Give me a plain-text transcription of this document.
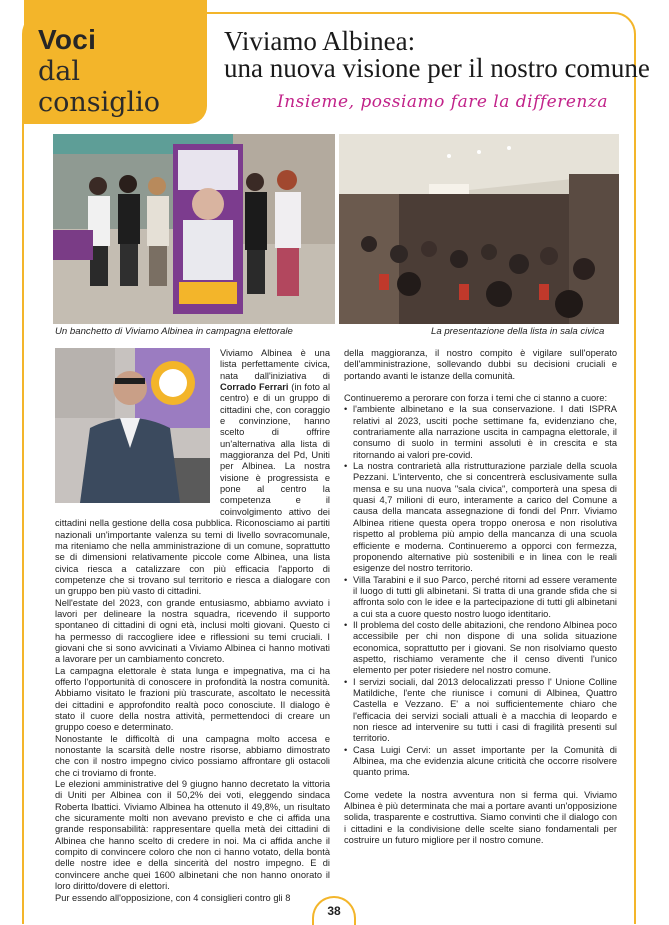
Voci
dal consiglio
Viviamo Albinea:
una nuova visione per il nostro comune
Insieme, possiamo fare la differenza
Un banchetto di Viviamo Albinea in campagna elettorale	La presentazione della lista in sala civica

Viviamo Albinea è una lista perfettamente civica, nata dall'iniziativa di Corrado Ferrari (in foto al centro) e di un gruppo di cittadini che, con coraggio e convinzione, hanno scelto di offrire un'alternativa alla lista di maggioranza del Pd, Uniti per Albinea. La nostra visione è progressista e pone al centro la competenza e il coinvolgimento attivo dei cittadini nella gestione della cosa pubblica. Riconosciamo ai partiti nazionali un'importante valenza su temi di livello sovracomunale, ma riteniamo che nella amministrazione di un comune, soprattutto se di dimensioni relativamente piccole come Albinea, una lista civica riesca a catalizzare con più efficacia l'apporto di competenze che si trovano sul territorio e riesca a dialogare con un gruppo ben più vasto di cittadini.

Nell'estate del 2023, con grande entusiasmo, abbiamo avviato i lavori per delineare la nostra squadra, ricevendo il supporto spontaneo di cittadini di ogni età, inclusi molti giovani. Questo ci ha permesso di raccogliere idee e riflessioni su temi cruciali. I giovani che si sono avvicinati a Viviamo Albinea ci hanno motivati a lavorare per un cambiamento concreto.

La campagna elettorale è stata lunga e impegnativa, ma ci ha offerto l'opportunità di conoscere in profondità la nostra comunità. Abbiamo visitato le frazioni più trascurate, ascoltato le necessità dei cittadini e approfondito realtà poco conosciute. Il dialogo è stato il cuore della nostra attività, permettendoci di creare un gruppo coeso e determinato.

Nonostante le difficoltà di una campagna molto accesa e nonostante la scarsità delle nostre risorse, abbiamo dimostrato che con il nostro impegno civico possiamo affrontare gli ostacoli che ci troviamo di fronte.

Le elezioni amministrative del 9 giugno hanno decretato la vittoria di Uniti per Albinea con il 50,2% dei voti, eleggendo sindaca Roberta Ibattici. Viviamo Albinea ha ottenuto il 49,8%, un risultato che sicuramente molti non avevano previsto e che ci affida una grande responsabilità: rappresentare quella metà dei cittadini di Albinea che hanno scelto di credere in noi. Ma ci affida anche il compito di convincere coloro che non ci hanno votato, della bontà delle nostre idee e della sincerità del nostro impegno. E di convincere anche quei 1600 albinetani che non hanno onorato il loro diritto/dovere di elettori.

Pur essendo all'opposizione, con 4 consiglieri contro gli 8

della maggioranza, il nostro compito è vigilare sull'operato dell'amministrazione, sollevando dubbi su decisioni cruciali e portando avanti le istanze della comunità.

Continueremo a perorare con forza i temi che ci stanno a cuore:

• l'ambiente albinetano e la sua conservazione. I dati ISPRA relativi al 2023, usciti poche settimane fa, evidenziano che, contrariamente alla narrazione uscita in campagna elettorale, il consumo di suolo in termini assoluti è in crescita e sta ritornando ai valori pre-covid.
• La nostra contrarietà alla ristrutturazione parziale della scuola Pezzani. L'intervento, che si concentrerà esclusivamente sulla mensa e su una nuova "sala civica", comporterà una spesa di quasi 4,7 milioni di euro, interamente a carico del Comune a causa della mancata assegnazione di fondi del Pnrr. Viviamo Albinea ritiene questa opera troppo onerosa e non risolutiva rispetto al problema più ampio della mancanza di una scuola efficiente e moderna. Continueremo a opporci con fermezza, proponendo alternative più sostenibili e in linea con le reali esigenze del nostro territorio.
• Villa Tarabini e il suo Parco, perché ritorni ad essere veramente il luogo di tutti gli albinetani. Si tratta di una grande sfida che si affronta solo con le idee e la partecipazione di tutti gli albinetani a cui sta a cuore questo nostro luogo identitario.
• Il problema del costo delle abitazioni, che rendono Albinea poco accessibile per chi non dispone di una solida situazione economica, soprattutto per i giovani. Se non risolviamo questo aspetto, rischiamo veramente che il censo diventi l'unico elemento per poter risiedere nel nostro comune.
• I servizi sociali, dal 2013 delocalizzati presso l' Unione Colline Matildiche, l'ente che riunisce i comuni di Albinea, Quattro Castella e Vezzano. E' a noi sufficientemente chiaro che l'efficacia dei servizi sociali attuali è a macchia di leopardo e non riesce ad intervenire su tutti i casi di fragilità presenti sul territorio.
• Casa Luigi Cervi: un asset importante per la Comunità di Albinea, ma che evidenzia alcune criticità che occorre risolvere quanto prima.

Come vedete la nostra avventura non si ferma qui. Viviamo Albinea è più determinata che mai a portare avanti un'opposizione solida, trasparente e costruttiva. Siamo convinti che il dialogo con i cittadini e la condivisione delle scelte siano fondamentali per costruire un futuro migliore per il nostro comune.

38
